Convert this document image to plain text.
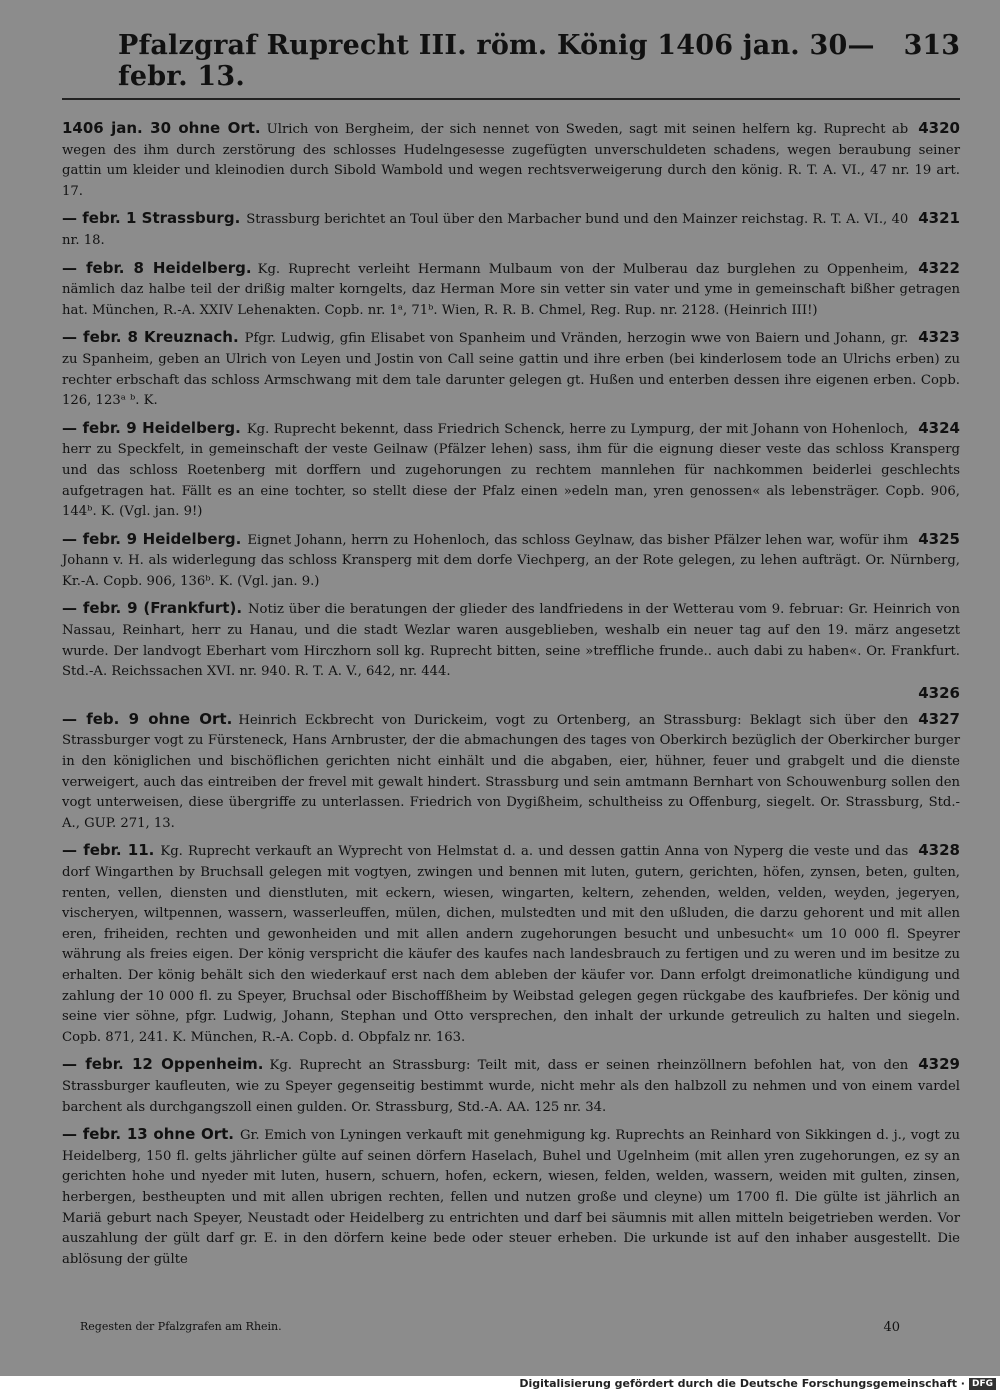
Pfalzgraf Ruprecht III. röm. König 1406 jan. 30—febr. 13.
313
4320
1406 jan. 30 ohne Ort. Ulrich von Bergheim, der sich nennet von Sweden, sagt mit seinen helfern kg. Ruprecht ab wegen des ihm durch zerstörung des schlosses Hudelngesesse zugefügten unverschuldeten schadens, wegen beraubung seiner gattin um kleider und kleinodien durch Sibold Wambold und wegen rechtsverweigerung durch den könig. R. T. A. VI., 47 nr. 19 art. 17.
4321
— febr. 1 Strassburg. Strassburg berichtet an Toul über den Marbacher bund und den Mainzer reichstag. R. T. A. VI., 40 nr. 18.
4322
— febr. 8 Heidelberg. Kg. Ruprecht verleiht Hermann Mulbaum von der Mulberau daz burglehen zu Oppenheim, nämlich daz halbe teil der drißig malter korngelts, daz Herman More sin vetter sin vater und yme in gemeinschaft bißher getragen hat. München, R.-A. XXIV Lehenakten. Copb. nr. 1ᵃ, 71ᵇ. Wien, R. R. B. Chmel, Reg. Rup. nr. 2128. (Heinrich III!)
4323
— febr. 8 Kreuznach. Pfgr. Ludwig, gfin Elisabet von Spanheim und Vränden, herzogin wwe von Baiern und Johann, gr. zu Spanheim, geben an Ulrich von Leyen und Jostin von Call seine gattin und ihre erben (bei kinderlosem tode an Ulrichs erben) zu rechter erbschaft das schloss Armschwang mit dem tale darunter gelegen gt. Hußen und enterben dessen ihre eigenen erben. Copb. 126, 123ᵃ ᵇ. K.
4324
— febr. 9 Heidelberg. Kg. Ruprecht bekennt, dass Friedrich Schenck, herre zu Lympurg, der mit Johann von Hohenloch, herr zu Speckfelt, in gemeinschaft der veste Geilnaw (Pfälzer lehen) sass, ihm für die eignung dieser veste das schloss Kransperg und das schloss Roetenberg mit dorffern und zugehorungen zu rechtem mannlehen für nachkommen beiderlei geschlechts aufgetragen hat. Fällt es an eine tochter, so stellt diese der Pfalz einen »edeln man, yren genossen« als lebensträger. Copb. 906, 144ᵇ. K. (Vgl. jan. 9!)
4325
— febr. 9 Heidelberg. Eignet Johann, herrn zu Hohenloch, das schloss Geylnaw, das bisher Pfälzer lehen war, wofür ihm Johann v. H. als widerlegung das schloss Kransperg mit dem dorfe Viechperg, an der Rote gelegen, zu lehen aufträgt. Or. Nürnberg, Kr.-A. Copb. 906, 136ᵇ. K. (Vgl. jan. 9.)
— febr. 9 (Frankfurt). Notiz über die beratungen der glieder des landfriedens in der Wetterau vom 9. februar: Gr. Heinrich von Nassau, Reinhart, herr zu Hanau, und die stadt Wezlar waren ausgeblieben, weshalb ein neuer tag auf den 19. märz angesetzt wurde. Der landvogt Eberhart vom Hirczhorn soll kg. Ruprecht bitten, seine »treffliche frunde.. auch dabi zu haben«. Or. Frankfurt. Std.-A. Reichssachen XVI. nr. 940. R. T. A. V., 642, nr. 444.
4326
4327
— feb. 9 ohne Ort. Heinrich Eckbrecht von Durickeim, vogt zu Ortenberg, an Strassburg: Beklagt sich über den Strassburger vogt zu Fürsteneck, Hans Arnbruster, der die abmachungen des tages von Oberkirch bezüglich der Oberkircher burger in den königlichen und bischöflichen gerichten nicht einhält und die abgaben, eier, hühner, feuer und grabgelt und die dienste verweigert, auch das eintreiben der frevel mit gewalt hindert. Strassburg und sein amtmann Bernhart von Schouwenburg sollen den vogt unterweisen, diese übergriffe zu unterlassen. Friedrich von Dygißheim, schultheiss zu Offenburg, siegelt. Or. Strassburg, Std.-A., GUP. 271, 13.
4328
— febr. 11. Kg. Ruprecht verkauft an Wyprecht von Helmstat d. a. und dessen gattin Anna von Nyperg die veste und das dorf Wingarthen by Bruchsall gelegen mit vogtyen, zwingen und bennen mit luten, gutern, gerichten, höfen, zynsen, beten, gulten, renten, vellen, diensten und dienstluten, mit eckern, wiesen, wingarten, keltern, zehenden, welden, velden, weyden, jegeryen, vischeryen, wiltpennen, wassern, wasserleuffen, mülen, dichen, mulstedten und mit den ußluden, die darzu gehorent und mit allen eren, friheiden, rechten und gewonheiden und mit allen andern zugehorungen besucht und unbesucht« um 10 000 fl. Speyrer währung als freies eigen. Der könig verspricht die käufer des kaufes nach landesbrauch zu fertigen und zu weren und im besitze zu erhalten. Der könig behält sich den wiederkauf erst nach dem ableben der käufer vor. Dann erfolgt dreimonatliche kündigung und zahlung der 10 000 fl. zu Speyer, Bruchsal oder Bischoffßheim by Weibstad gelegen gegen rückgabe des kaufbriefes. Der könig und seine vier söhne, pfgr. Ludwig, Johann, Stephan und Otto versprechen, den inhalt der urkunde getreulich zu halten und siegeln. Copb. 871, 241. K. München, R.-A. Copb. d. Obpfalz nr. 163.
4329
— febr. 12 Oppenheim. Kg. Ruprecht an Strassburg: Teilt mit, dass er seinen rheinzöllnern befohlen hat, von den Strassburger kaufleuten, wie zu Speyer gegenseitig bestimmt wurde, nicht mehr als den halbzoll zu nehmen und von einem vardel barchent als durchgangszoll einen gulden. Or. Strassburg, Std.-A. AA. 125 nr. 34.
— febr. 13 ohne Ort. Gr. Emich von Lyningen verkauft mit genehmigung kg. Ruprechts an Reinhard von Sikkingen d. j., vogt zu Heidelberg, 150 fl. gelts jährlicher gülte auf seinen dörfern Haselach, Buhel und Ugelnheim (mit allen yren zugehorungen, ez sy an gerichten hohe und nyeder mit luten, husern, schuern, hofen, eckern, wiesen, felden, welden, wassern, weiden mit gulten, zinsen, herbergen, besthеupten und mit allen ubrigen rechten, fellen und nutzen große und cleyne) um 1700 fl. Die gülte ist jährlich an Mariä geburt nach Speyer, Neustadt oder Heidelberg zu entrichten und darf bei säumnis mit allen mitteln beigetrieben werden. Vor auszahlung der gült darf gr. E. in den dörfern keine bede oder steuer erheben. Die urkunde ist auf den inhaber ausgestellt. Die ablösung der gülte
Regesten der Pfalzgrafen am Rhein.	40
Digitalisierung gefördert durch die Deutsche Forschungsgemeinschaft · DFG
